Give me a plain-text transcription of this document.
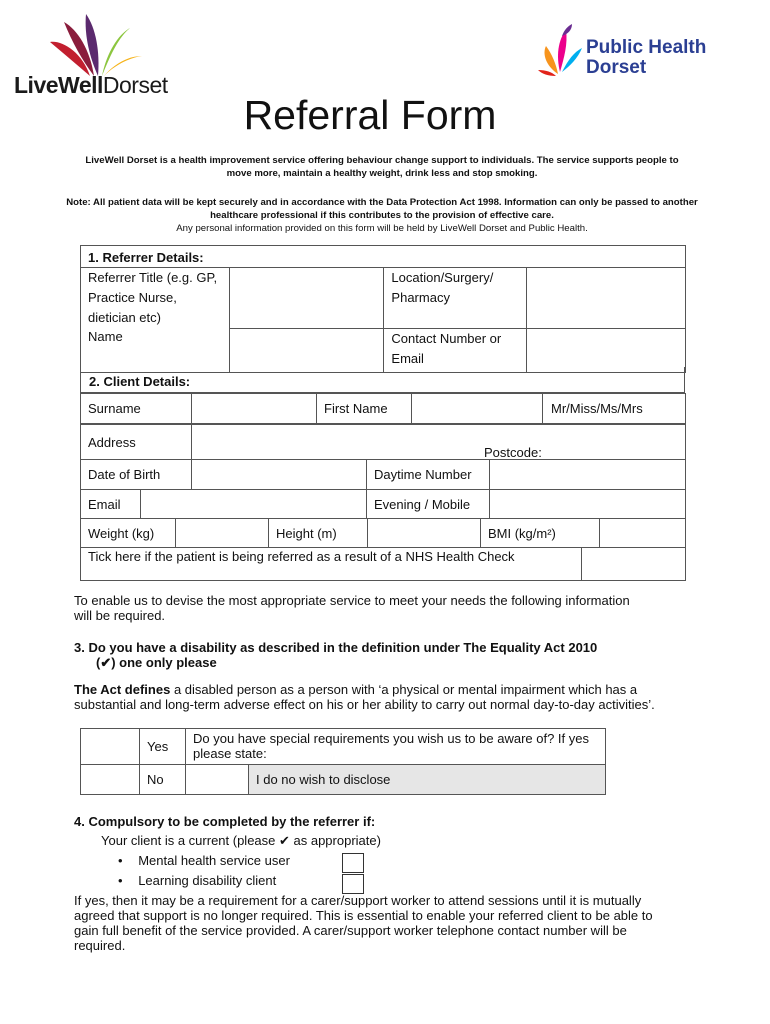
LiveWellDorset
Public Health
Dorset
Referral Form
LiveWell Dorset is a health improvement service offering behaviour change support to individuals. The service supports people to move more, maintain a healthy weight, drink less and stop smoking.
Note: All patient data will be kept securely and in accordance with the Data Protection Act 1998. Information can only be passed to another healthcare professional if this contributes to the provision of effective care.
Any personal information provided on this form will be held by LiveWell Dorset and Public Health.
1. Referrer Details:			
Referrer Title (e.g. GP, Practice Nurse, dietician etc)		Location/Surgery/ Pharmacy	
Name		Contact Number or Email	
2. Client Details:
Surname		First Name		Mr/Miss/Ms/Mrs
Address	
Postcode:
Date of Birth		Daytime Number	
Email		Evening / Mobile	
Weight (kg)		Height (m)		BMI (kg/m²)	
Tick here if the patient is being referred as a result of a NHS Health Check	
To enable us to devise the most appropriate service to meet your needs the following information will be required.
3. Do you have a disability as described in the definition under The Equality Act 2010
(✔) one only please
The Act defines a disabled person as a person with ‘a physical or mental impairment which has a substantial and long-term adverse effect on his or her ability to carry out normal day-to-day activities’.
	Yes	Do you have special requirements you wish us to be aware of? If yes please state:	
	No		I do no wish to disclose
4. Compulsory to be completed by the referrer if:
Your client is a current (please ✔ as appropriate)
• Mental health service user
• Learning disability client
If yes, then it may be a requirement for a carer/support worker to attend sessions until it is mutually agreed that support is no longer required. This is essential to enable your referred client to be able to gain full benefit of the service provided. A carer/support worker telephone contact number will be required.
